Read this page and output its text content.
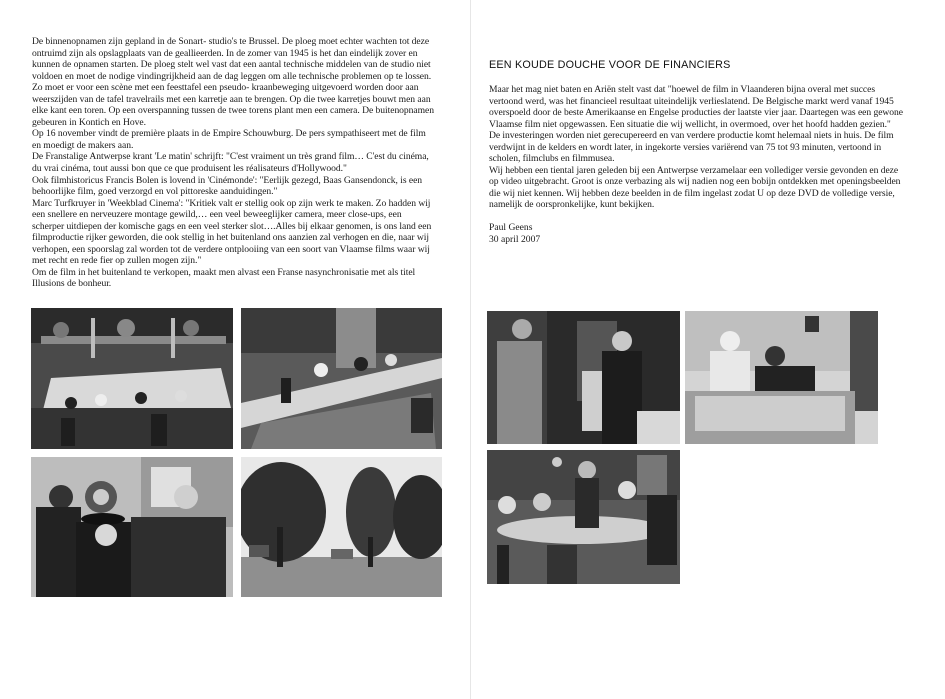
De binnenopnamen zijn gepland in de Sonart- studio's te Brussel. De ploeg moet echter wachten tot deze ontruimd zijn als opslagplaats van de geallieerden. In de zomer van 1945 is het dan eindelijk zover en kunnen de opnamen starten. De ploeg stelt wel vast dat een aantal technische middelen van de studio niet voldoen en moet de nodige vindingrijkheid aan de dag leggen om alle technische problemen op te lossen. Zo moet er voor een scène met een feesttafel een pseudo- kraanbeweging uitgevoerd worden door aan weerszijden van de tafel travelrails met een karretje aan te brengen. Op die twee karretjes bouwt men aan elke kant een toren. Op een overspanning tussen de twee torens plant men een camera. De buitenopnamen gebeuren in Kontich en Hove.

Op 16 november vindt de première plaats in de Empire Schouwburg. De pers sympathiseert met de film

en moedigt de makers aan.

De Franstalige Antwerpse krant 'Le matin' schrijft: "C'est vraiment un très grand film… C'est du cinéma, du vrai cinéma, tout aussi bon que ce que produisent les réalisateurs d'Hollywood."

Ook filmhistoricus Francis Bolen is lovend in 'Cinémonde': "Eerlijk gezegd, Baas Gansendonck, is een behoorlijke film, goed verzorgd en vol pittoreske aanduidingen."

Marc Turfkruyer in 'Weekblad Cinema': "Kritiek valt er stellig ook op zijn werk te maken. Zo hadden wij een snellere en nerveuzere montage gewild,… een veel beweeglijker camera, meer close-ups, een scherper uitdiepen der komische gags en een veel sterker slot….Alles bij elkaar genomen, is ons land een filmproductie rijker geworden, die ook stellig in het buitenland ons aanzien zal verhogen en die, naar wij verhopen, een spoorslag zal worden tot de verdere ontplooiing van een soort van Vlaamse films waar wij met recht en rede fier op zullen mogen zijn."

Om de film in het buitenland te verkopen, maakt men alvast een Franse nasynchronisatie met als titel Illusions de bonheur.

EEN KOUDE DOUCHE VOOR DE FINANCIERS

Maar het mag niet baten en Ariën stelt vast dat "hoewel de film in Vlaanderen bijna overal met succes vertoond werd, was het financieel resultaat uiteindelijk verlieslatend. De Belgische markt werd vanaf 1945 overspoeld door de beste Amerikaanse en Engelse producties der laatste vier jaar. Daartegen was een gewone Vlaamse film niet opgewassen. Een situatie die wij wellicht, in overmoed, over het hoofd hadden gezien."

De investeringen worden niet gerecupereerd en van verdere productie komt helemaal niets in huis. De film verdwijnt in de kelders en wordt later, in ingekorte versies variërend van 75 tot 93 minuten, vertoond in scholen, filmclubs en filmmusea.

Wij hebben een tiental jaren geleden bij een Antwerpse verzamelaar een vollediger versie gevonden en deze op video uitgebracht. Groot is onze verbazing als wij nadien nog een bobijn ontdekken met openingsbeelden die wij niet kennen. Wij hebben deze beelden in de film ingelast zodat U op deze DVD de volledige versie, namelijk de oorspronkelijke, kunt bekijken.

Paul Geens
30 april 2007
